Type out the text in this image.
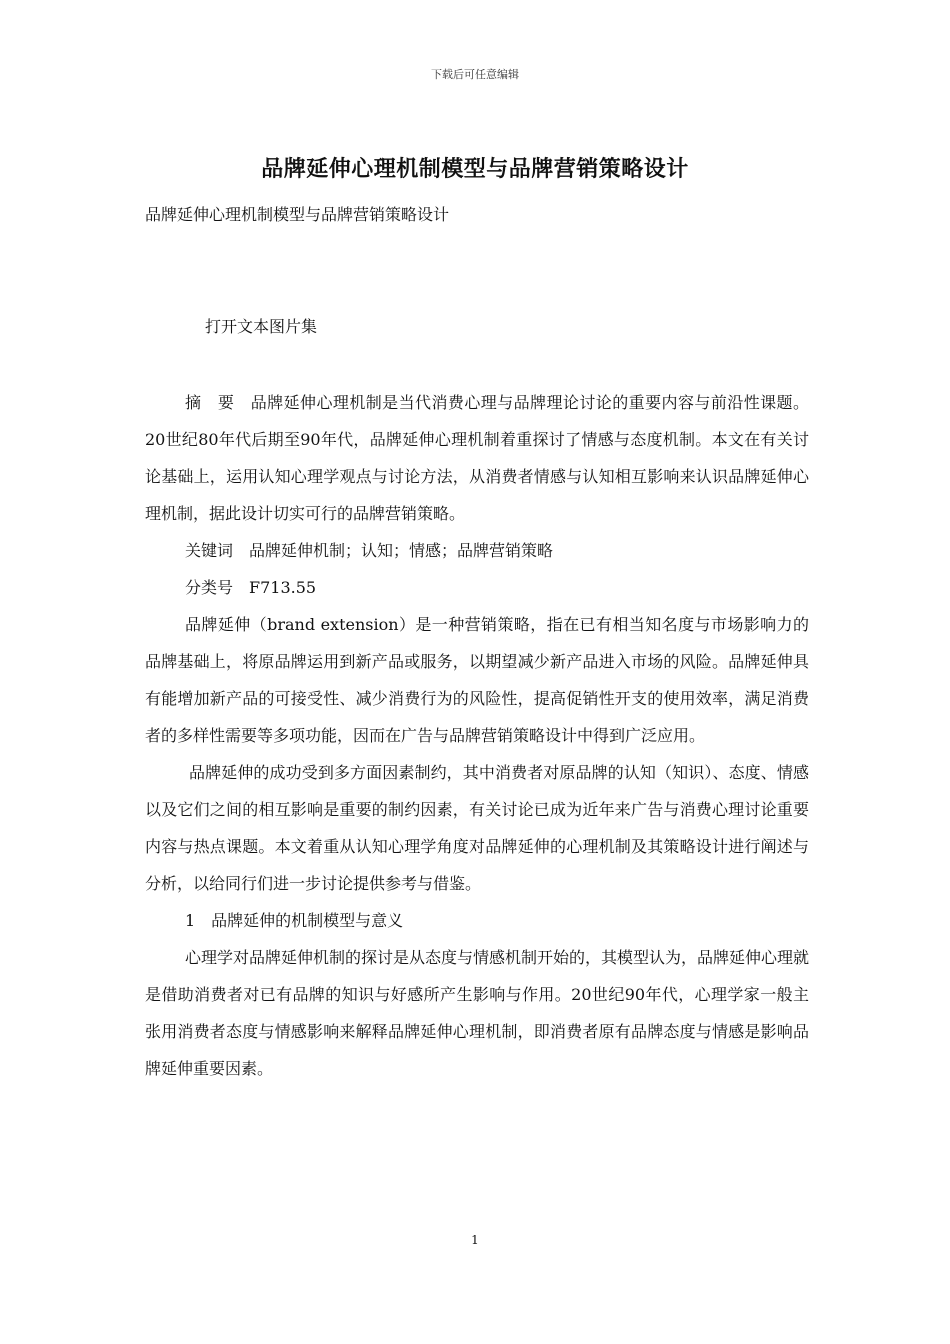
下载后可任意编辑
品牌延伸心理机制模型与品牌营销策略设计
品牌延伸心理机制模型与品牌营销策略设计
打开文本图片集

摘　要　品牌延伸心理机制是当代消费心理与品牌理论讨论的重要内容与前沿性课题。20世纪80年代后期至90年代，品牌延伸心理机制着重探讨了情感与态度机制。本文在有关讨论基础上，运用认知心理学观点与讨论方法，从消费者情感与认知相互影响来认识品牌延伸心理机制，据此设计切实可行的品牌营销策略。

关键词　品牌延伸机制；认知；情感；品牌营销策略

分类号　F713.55

品牌延伸（brand extension）是一种营销策略，指在已有相当知名度与市场影响力的品牌基础上，将原品牌运用到新产品或服务，以期望减少新产品进入市场的风险。品牌延伸具有能增加新产品的可接受性、减少消费行为的风险性，提高促销性开支的使用效率，满足消费者的多样性需要等多项功能，因而在广告与品牌营销策略设计中得到广泛应用。

品牌延伸的成功受到多方面因素制约，其中消费者对原品牌的认知（知识）、态度、情感以及它们之间的相互影响是重要的制约因素，有关讨论已成为近年来广告与消费心理讨论重要内容与热点课题。本文着重从认知心理学角度对品牌延伸的心理机制及其策略设计进行阐述与分析，以给同行们进一步讨论提供参考与借鉴。

1　品牌延伸的机制模型与意义

心理学对品牌延伸机制的探讨是从态度与情感机制开始的，其模型认为，品牌延伸心理就是借助消费者对已有品牌的知识与好感所产生影响与作用。20世纪90年代，心理学家一般主张用消费者态度与情感影响来解释品牌延伸心理机制，即消费者原有品牌态度与情感是影响品牌延伸重要因素。

1
